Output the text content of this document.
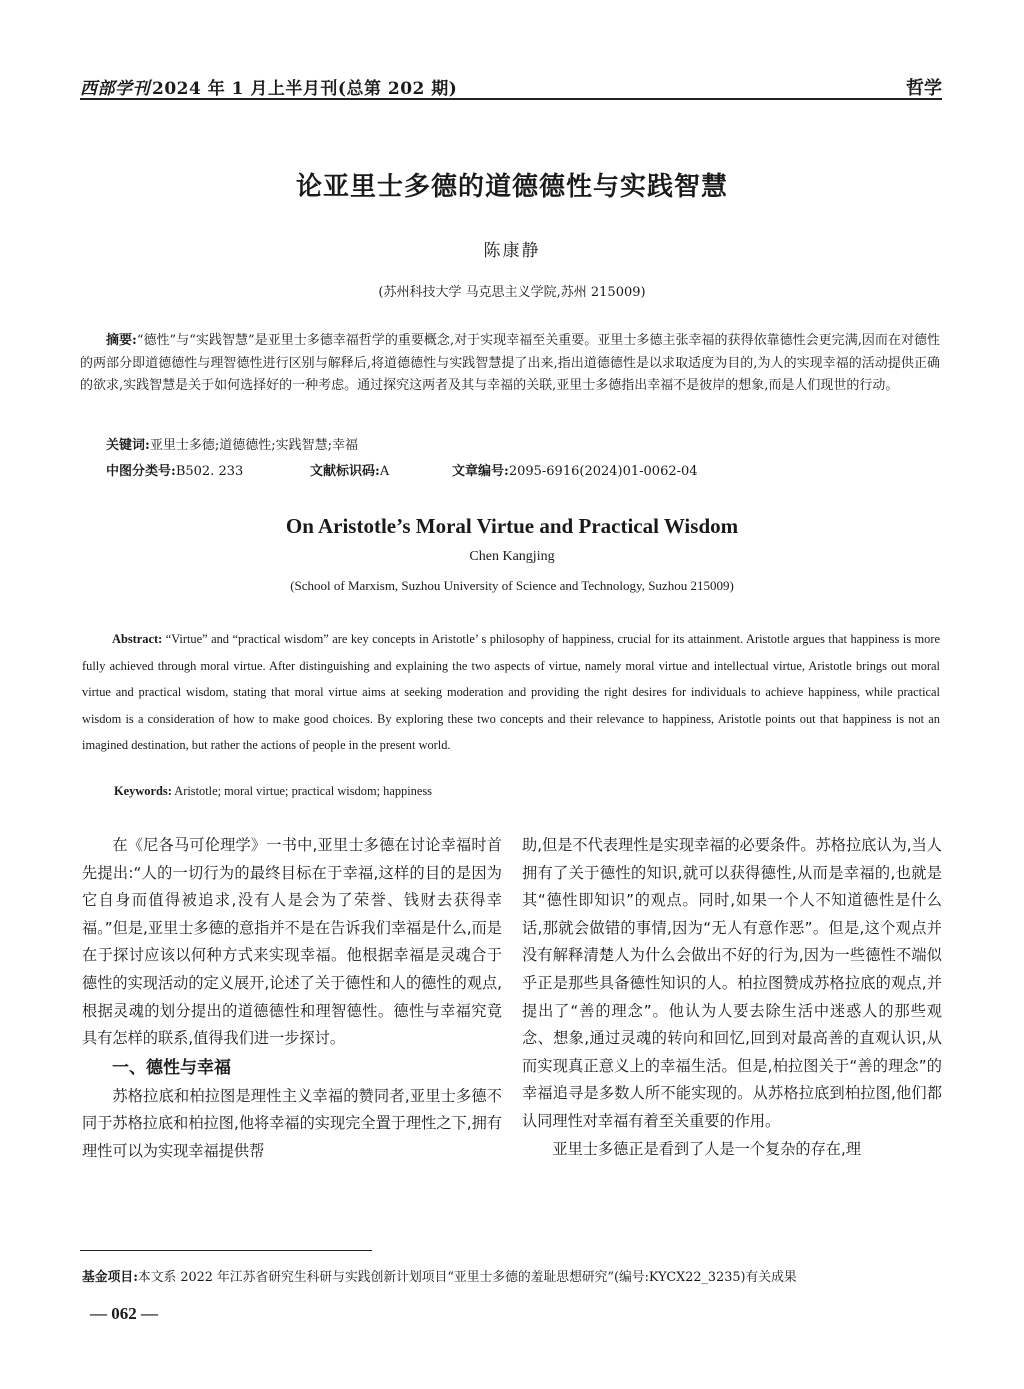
西部学刊 2024 年 1 月上半月刊(总第 202 期)	哲学
论亚里士多德的道德德性与实践智慧
陈康静
(苏州科技大学 马克思主义学院,苏州 215009)
摘要:“德性”与“实践智慧”是亚里士多德幸福哲学的重要概念,对于实现幸福至关重要。亚里士多德主张幸福的获得依靠德性会更完满,因而在对德性的两部分即道德德性与理智德性进行区别与解释后,将道德德性与实践智慧提了出来,指出道德德性是以求取适度为目的,为人的实现幸福的活动提供正确的欲求,实践智慧是关于如何选择好的一种考虑。通过探究这两者及其与幸福的关联,亚里士多德指出幸福不是彼岸的想象,而是人们现世的行动。
关键词:亚里士多德;道德德性;实践智慧;幸福
中图分类号:B502. 233	文献标识码:A	文章编号:2095-6916(2024)01-0062-04
On Aristotle’s Moral Virtue and Practical Wisdom
Chen Kangjing
(School of Marxism, Suzhou University of Science and Technology, Suzhou 215009)
Abstract: “Virtue” and “practical wisdom” are key concepts in Aristotle’ s philosophy of happiness, crucial for its attainment. Aristotle argues that happiness is more fully achieved through moral virtue. After distinguishing and explaining the two aspects of virtue, namely moral virtue and intellectual virtue, Aristotle brings out moral virtue and practical wisdom, stating that moral virtue aims at seeking moderation and providing the right desires for individuals to achieve happiness, while practical wisdom is a consideration of how to make good choices. By exploring these two concepts and their relevance to happiness, Aristotle points out that happiness is not an imagined destination, but rather the actions of people in the present world.
Keywords: Aristotle; moral virtue; practical wisdom; happiness

在《尼各马可伦理学》一书中,亚里士多德在讨论幸福时首先提出:“人的一切行为的最终目标在于幸福,这样的目的是因为它自身而值得被追求,没有人是会为了荣誉、钱财去获得幸福。”但是,亚里士多德的意指并不是在告诉我们幸福是什么,而是在于探讨应该以何种方式来实现幸福。他根据幸福是灵魂合于德性的实现活动的定义展开,论述了关于德性和人的德性的观点,根据灵魂的划分提出的道德德性和理智德性。德性与幸福究竟具有怎样的联系,值得我们进一步探讨。

一、德性与幸福

苏格拉底和柏拉图是理性主义幸福的赞同者,亚里士多德不同于苏格拉底和柏拉图,他将幸福的实现完全置于理性之下,拥有理性可以为实现幸福提供帮

助,但是不代表理性是实现幸福的必要条件。苏格拉底认为,当人拥有了关于德性的知识,就可以获得德性,从而是幸福的,也就是其“德性即知识”的观点。同时,如果一个人不知道德性是什么话,那就会做错的事情,因为“无人有意作恶”。但是,这个观点并没有解释清楚人为什么会做出不好的行为,因为一些德性不端似乎正是那些具备德性知识的人。柏拉图赞成苏格拉底的观点,并提出了“善的理念”。他认为人要去除生活中迷惑人的那些观念、想象,通过灵魂的转向和回忆,回到对最高善的直观认识,从而实现真正意义上的幸福生活。但是,柏拉图关于“善的理念”的幸福追寻是多数人所不能实现的。从苏格拉底到柏拉图,他们都认同理性对幸福有着至关重要的作用。

亚里士多德正是看到了人是一个复杂的存在,理

基金项目:本文系 2022 年江苏省研究生科研与实践创新计划项目“亚里士多德的羞耻思想研究”(编号:KYCX22_3235)有关成果
— 062 —
